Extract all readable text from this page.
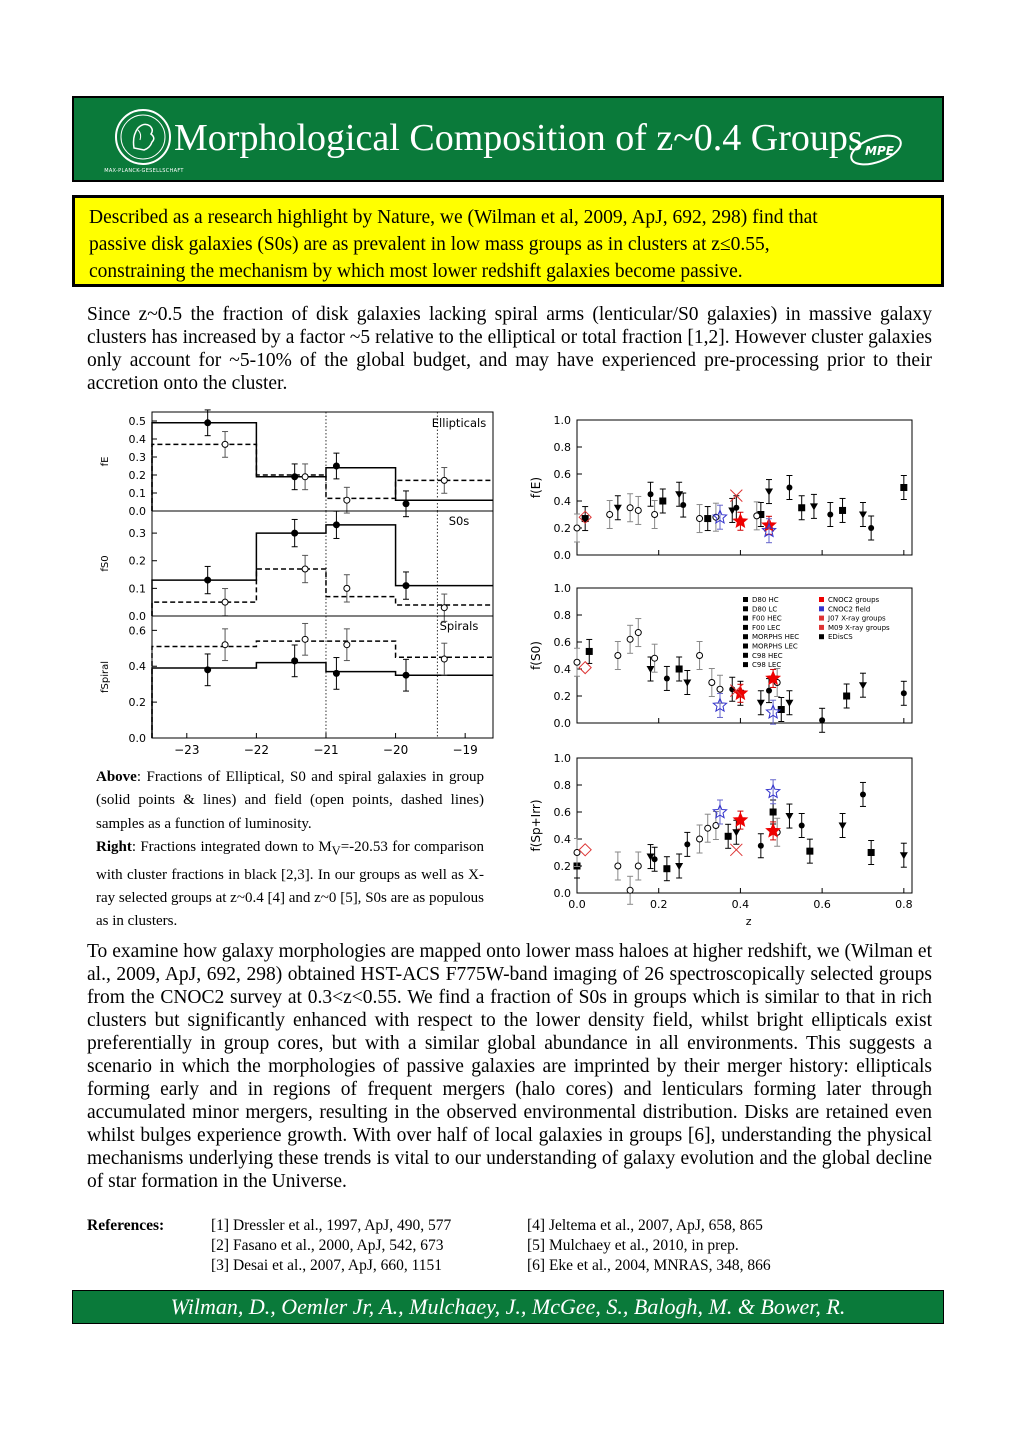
MAX-PLANCK-GESELLSCHAFT
Morphological Composition of z~0.4 Groups MPE
Described as a research highlight by Nature, we (Wilman et al, 2009, ApJ, 692, 298) find that
passive disk galaxies (S0s) are as prevalent in low mass groups as in clusters at z≤0.55,
constraining the mechanism by which most lower redshift galaxies become passive.
Since z~0.5 the fraction of disk galaxies lacking spiral arms (lenticular/S0 galaxies) in massive galaxy clusters has increased by a factor ~5 relative to the elliptical or total fraction [1,2]. However cluster galaxies only account for ~5-10% of the global budget, and may have experienced pre-processing prior to their accretion onto the cluster.
0.0
0.1
0.2
0.3
0.4
0.5
fE
Ellipticals
0.0
0.1
0.2
0.3
fS0
S0s
0.0
0.2
0.4
0.6
fSpiral
Spirals
−23	−22	−21	−20	−19
0.0
0.2
0.4
0.6
0.8
1.0
f(E)
0.0
0.2
0.4
0.6
0.8
1.0
f(S0)
0.0
0.2
0.4
0.6
0.8
1.0
f(Sp+Irr)
0.0	0.2	0.4	0.6	0.8
z
D80 HC
D80 LC
F00 HEC
F00 LEC
MORPHS HEC
MORPHS LEC
C98 HEC
C98 LEC
CNOC2 groups
CNOC2 field
J07 X-ray groups
M09 X-ray groups
EDisCS
Above: Fractions of Elliptical, S0 and spiral galaxies in group (solid points & lines) and field (open points, dashed lines) samples as a function of luminosity.
Right: Fractions integrated down to $M_V=-20.53$ for comparison with cluster fractions in black [2,3]. In our groups as well as X-ray selected groups at z~0.4 [4] and z~0 [5], S0s are as populous as in clusters.
To examine how galaxy morphologies are mapped onto lower mass haloes at higher redshift, we (Wilman et al., 2009, ApJ, 692, 298) obtained HST-ACS F775W-band imaging of 26 spectroscopically selected groups from the CNOC2 survey at 0.3<z<0.55. We find a fraction of S0s in groups which is similar to that in rich clusters but significantly enhanced with respect to the lower density field, whilst bright ellipticals exist preferentially in group cores, but with a similar global abundance in all environments. This suggests a scenario in which the morphologies of passive galaxies are imprinted by their merger history: ellipticals forming early and in regions of frequent mergers (halo cores) and lenticulars forming later through accumulated minor mergers, resulting in the observed environmental distribution. Disks are retained even whilst bulges experience growth. With over half of local galaxies in groups [6], understanding the physical mechanisms underlying these trends is vital to our understanding of galaxy evolution and the global decline of star formation in the Universe.
References:	[1] Dressler et al., 1997, ApJ, 490, 577
[2] Fasano et al., 2000, ApJ, 542, 673
[3] Desai et al., 2007, ApJ, 660, 1151
[4] Jeltema et al., 2007, ApJ, 658, 865
[5] Mulchaey et al., 2010, in prep.
[6] Eke et al., 2004, MNRAS, 348, 866
Wilman, D., Oemler Jr, A., Mulchaey, J., McGee, S., Balogh, M. & Bower, R.
